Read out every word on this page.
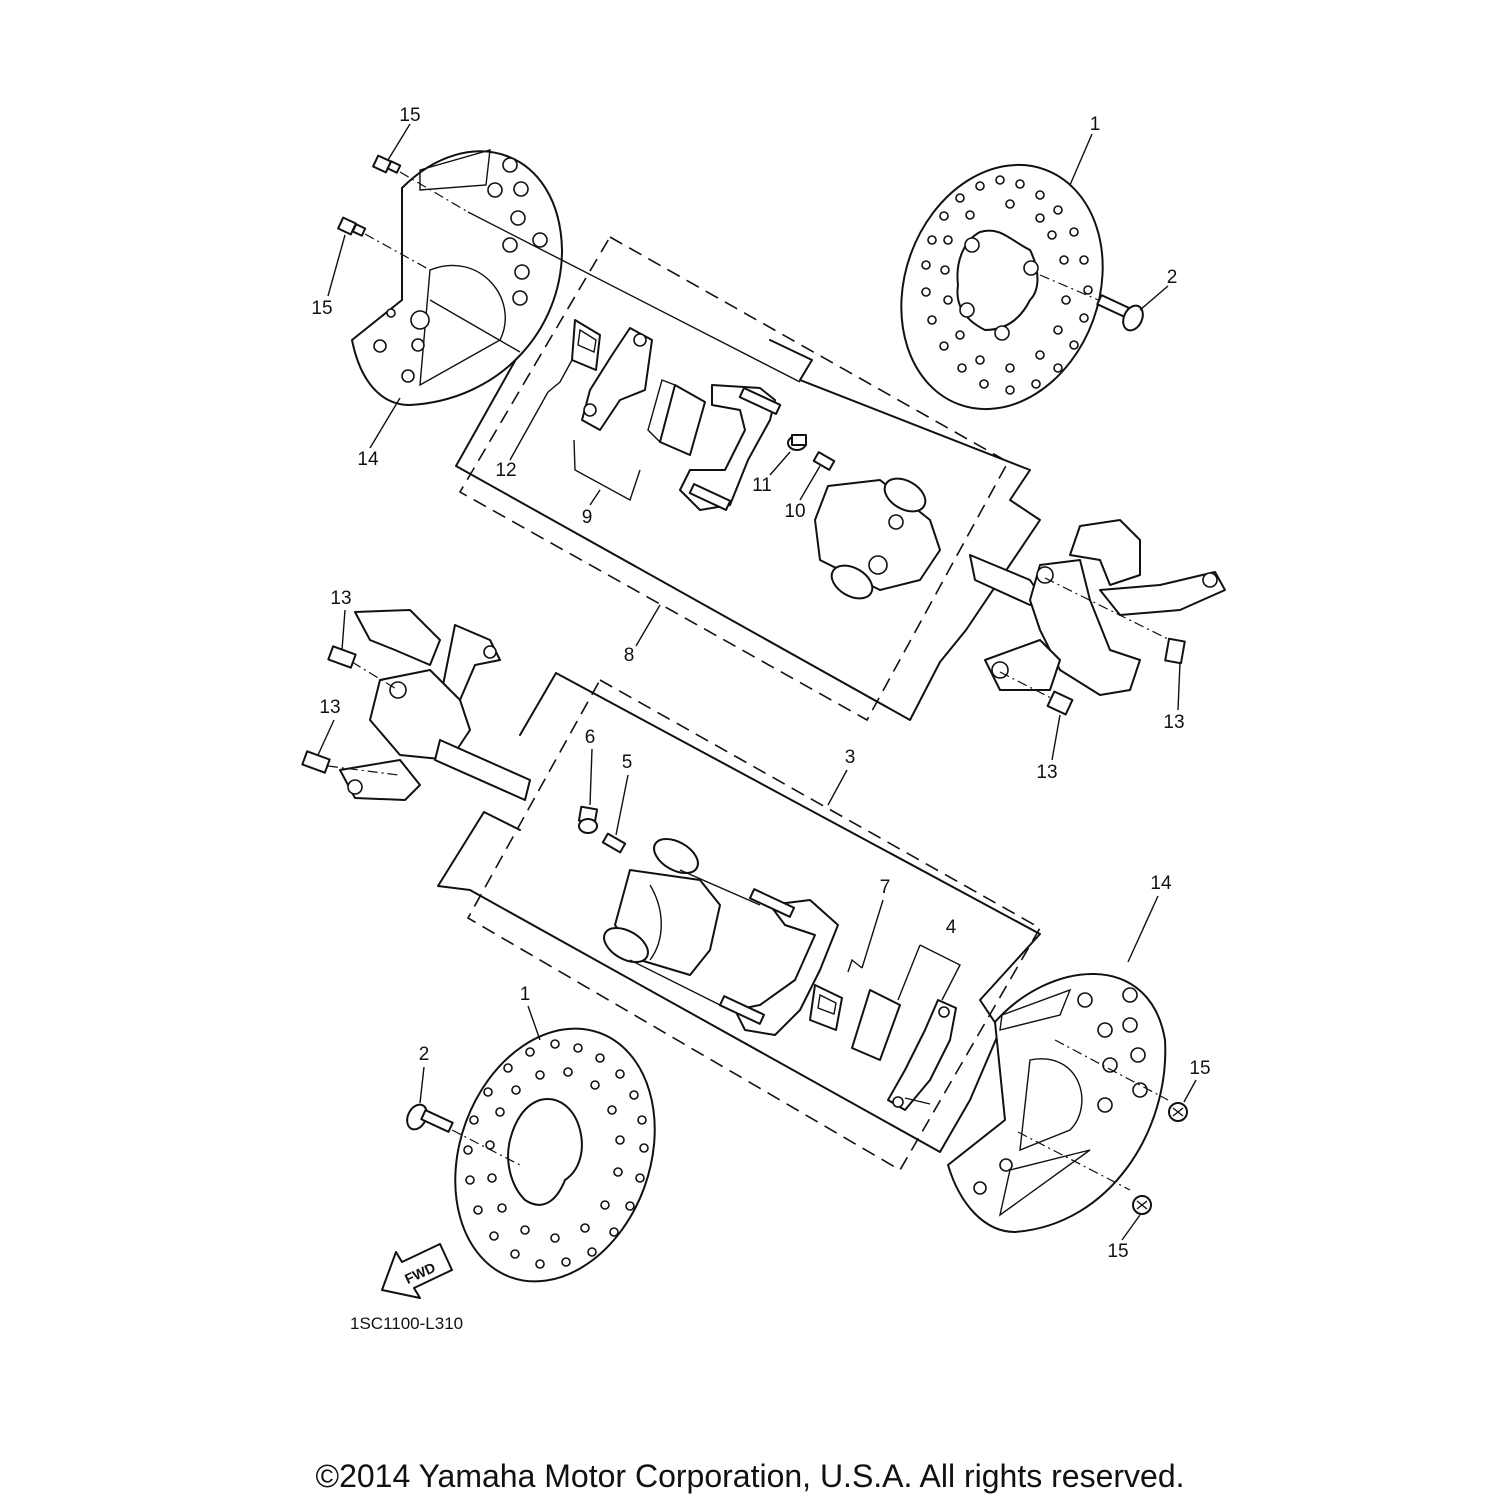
15	1
2
15
14
12
11
9	10
13
8
13
13
6
5	3
13
14
7
4
1
2
15
15
FWD
1SC1100-L310
©2014 Yamaha Motor Corporation, U.S.A. All rights reserved.
